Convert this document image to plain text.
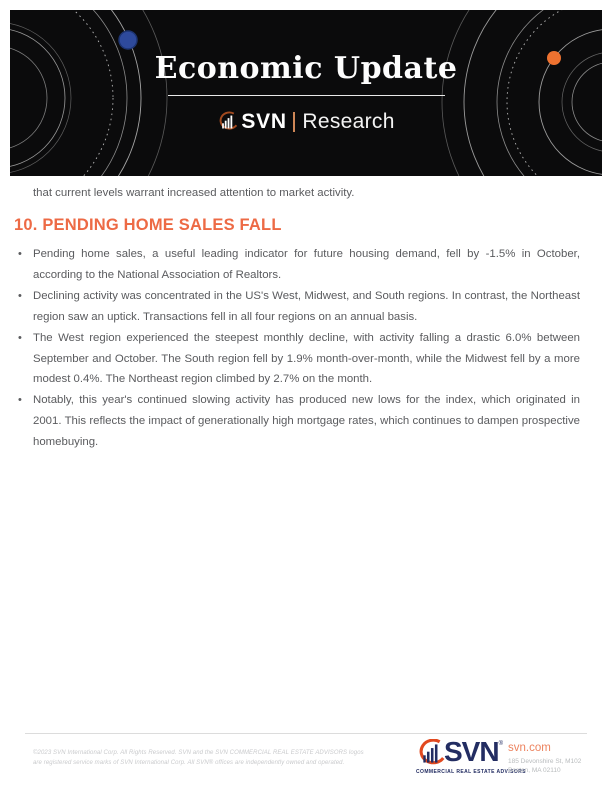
Economic Update
SVN Research

that current levels warrant increased attention to market activity.

10. PENDING HOME SALES FALL
• Pending home sales, a useful leading indicator for future housing demand, fell by -1.5% in October, according to the National Association of Realtors.
• Declining activity was concentrated in the US's West, Midwest, and South regions. In contrast, the Northeast region saw an uptick. Transactions fell in all four regions on an annual basis.
• The West region experienced the steepest monthly decline, with activity falling a drastic 6.0% between September and October. The South region fell by 1.9% month-over-month, while the Midwest fell by a more modest 0.4%. The Northeast region climbed by 2.7% on the month.
• Notably, this year's continued slowing activity has produced new lows for the index, which originated in 2001. This reflects the impact of generationally high mortgage rates, which continues to dampen prospective homebuying.
©2023 SVN International Corp. All Rights Reserved. SVN and the SVN COMMERCIAL REAL ESTATE ADVISORS logos
are registered service marks of SVN International Corp. All SVN® offices are independently owned and operated.	SVN ®
COMMERCIAL REAL ESTATE ADVISORS
svn.com
185 Devonshire St, M102
Boston, MA 02110
